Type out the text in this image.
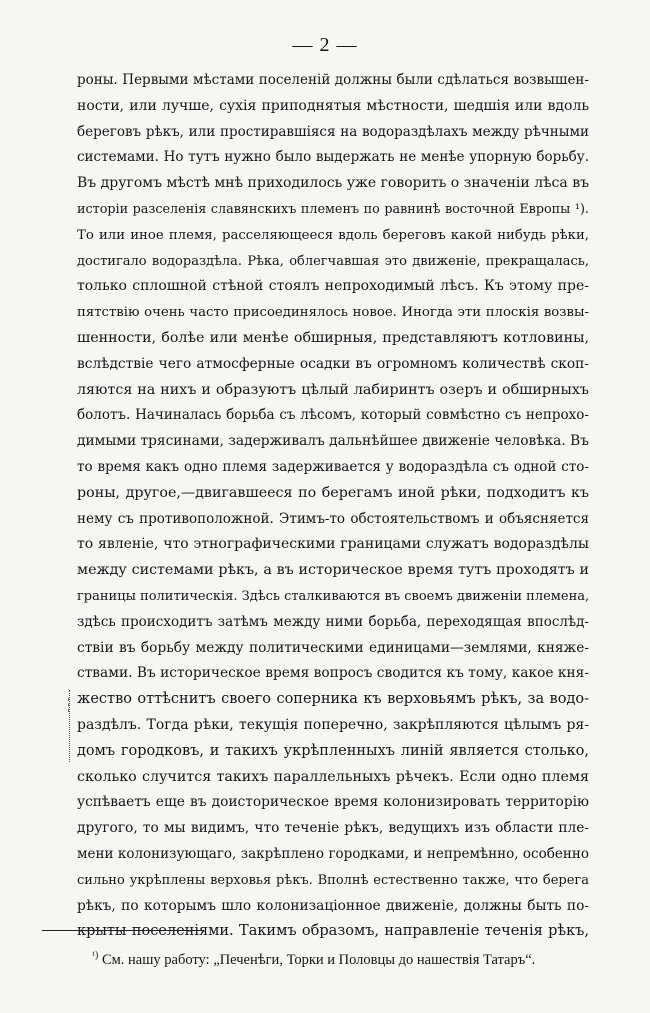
— 2 —
роны. Первыми мѣстами поселеній должны были сдѣлаться возвышен-
ности, или лучше, сухія приподнятыя мѣстности, шедшія или вдоль
береговъ рѣкъ, или простиравшіяся на водораздѣлахъ между рѣчными
системами. Но тутъ нужно было выдержать не менѣе упорную борьбу.
Въ другомъ мѣстѣ мнѣ приходилось уже говорить о значеніи лѣса въ
исторіи разселенія славянскихъ племенъ по равнинѣ восточной Европы ¹).
То или иное племя, расселяющееся вдоль береговъ какой нибудь рѣки,
достигало водораздѣла. Рѣка, облегчавшая это движеніе, прекращалась,
только сплошной стѣной стоялъ непроходимый лѣсъ. Къ этому пре-
пятствію очень часто присоединялось новое. Иногда эти плоскія возвы-
шенности, болѣе или менѣе обширныя, представляютъ котловины,
вслѣдствіе чего атмосферные осадки въ огромномъ количествѣ скоп-
ляются на нихъ и образуютъ цѣлый лабиринтъ озеръ и обширныхъ
болотъ. Начиналась борьба съ лѣсомъ, который совмѣстно съ непрохо-
димыми трясинами, задерживалъ дальнѣйшее движеніе человѣка. Въ
то время какъ одно племя задерживается у водораздѣла съ одной сто-
роны, другое,—двигавшееся по берегамъ иной рѣки, подходитъ къ
нему съ противоположной. Этимъ-то обстоятельствомъ и объясняется
то явленіе, что этнографическими границами служатъ водораздѣлы
между системами рѣкъ, а въ историческое время тутъ проходятъ и
границы политическія. Здѣсь сталкиваются въ своемъ движеніи племена,
здѣсь происходитъ затѣмъ между ними борьба, переходящая впослѣд-
ствіи въ борьбу между политическими единицами—землями, княже-
ствами. Въ историческое время вопросъ сводится къ тому, какое кня-
жество оттѣснитъ своего соперника къ верховьямъ рѣкъ, за водо-
раздѣлъ. Тогда рѣки, текущія поперечно, закрѣпляются цѣлымъ ря-
домъ городковъ, и такихъ укрѣпленныхъ линій является столько,
сколько случится такихъ параллельныхъ рѣчекъ. Если одно племя
успѣваетъ еще въ доисторическое время колонизировать территорію
другого, то мы видимъ, что теченіе рѣкъ, ведущихъ изъ области пле-
мени колонизующаго, закрѣплено городками, и непремѣнно, особенно
сильно укрѣплены верховья рѣкъ. Вполнѣ естественно также, что берега
рѣкъ, по которымъ шло колонизаціонное движеніе, должны быть по-
крыты поселеніями. Такимъ образомъ, направленіе теченія рѣкъ,
$^{^1)}$ См. нашу работу: „Печенѣги, Торки и Половцы до нашествія Татаръ“.
